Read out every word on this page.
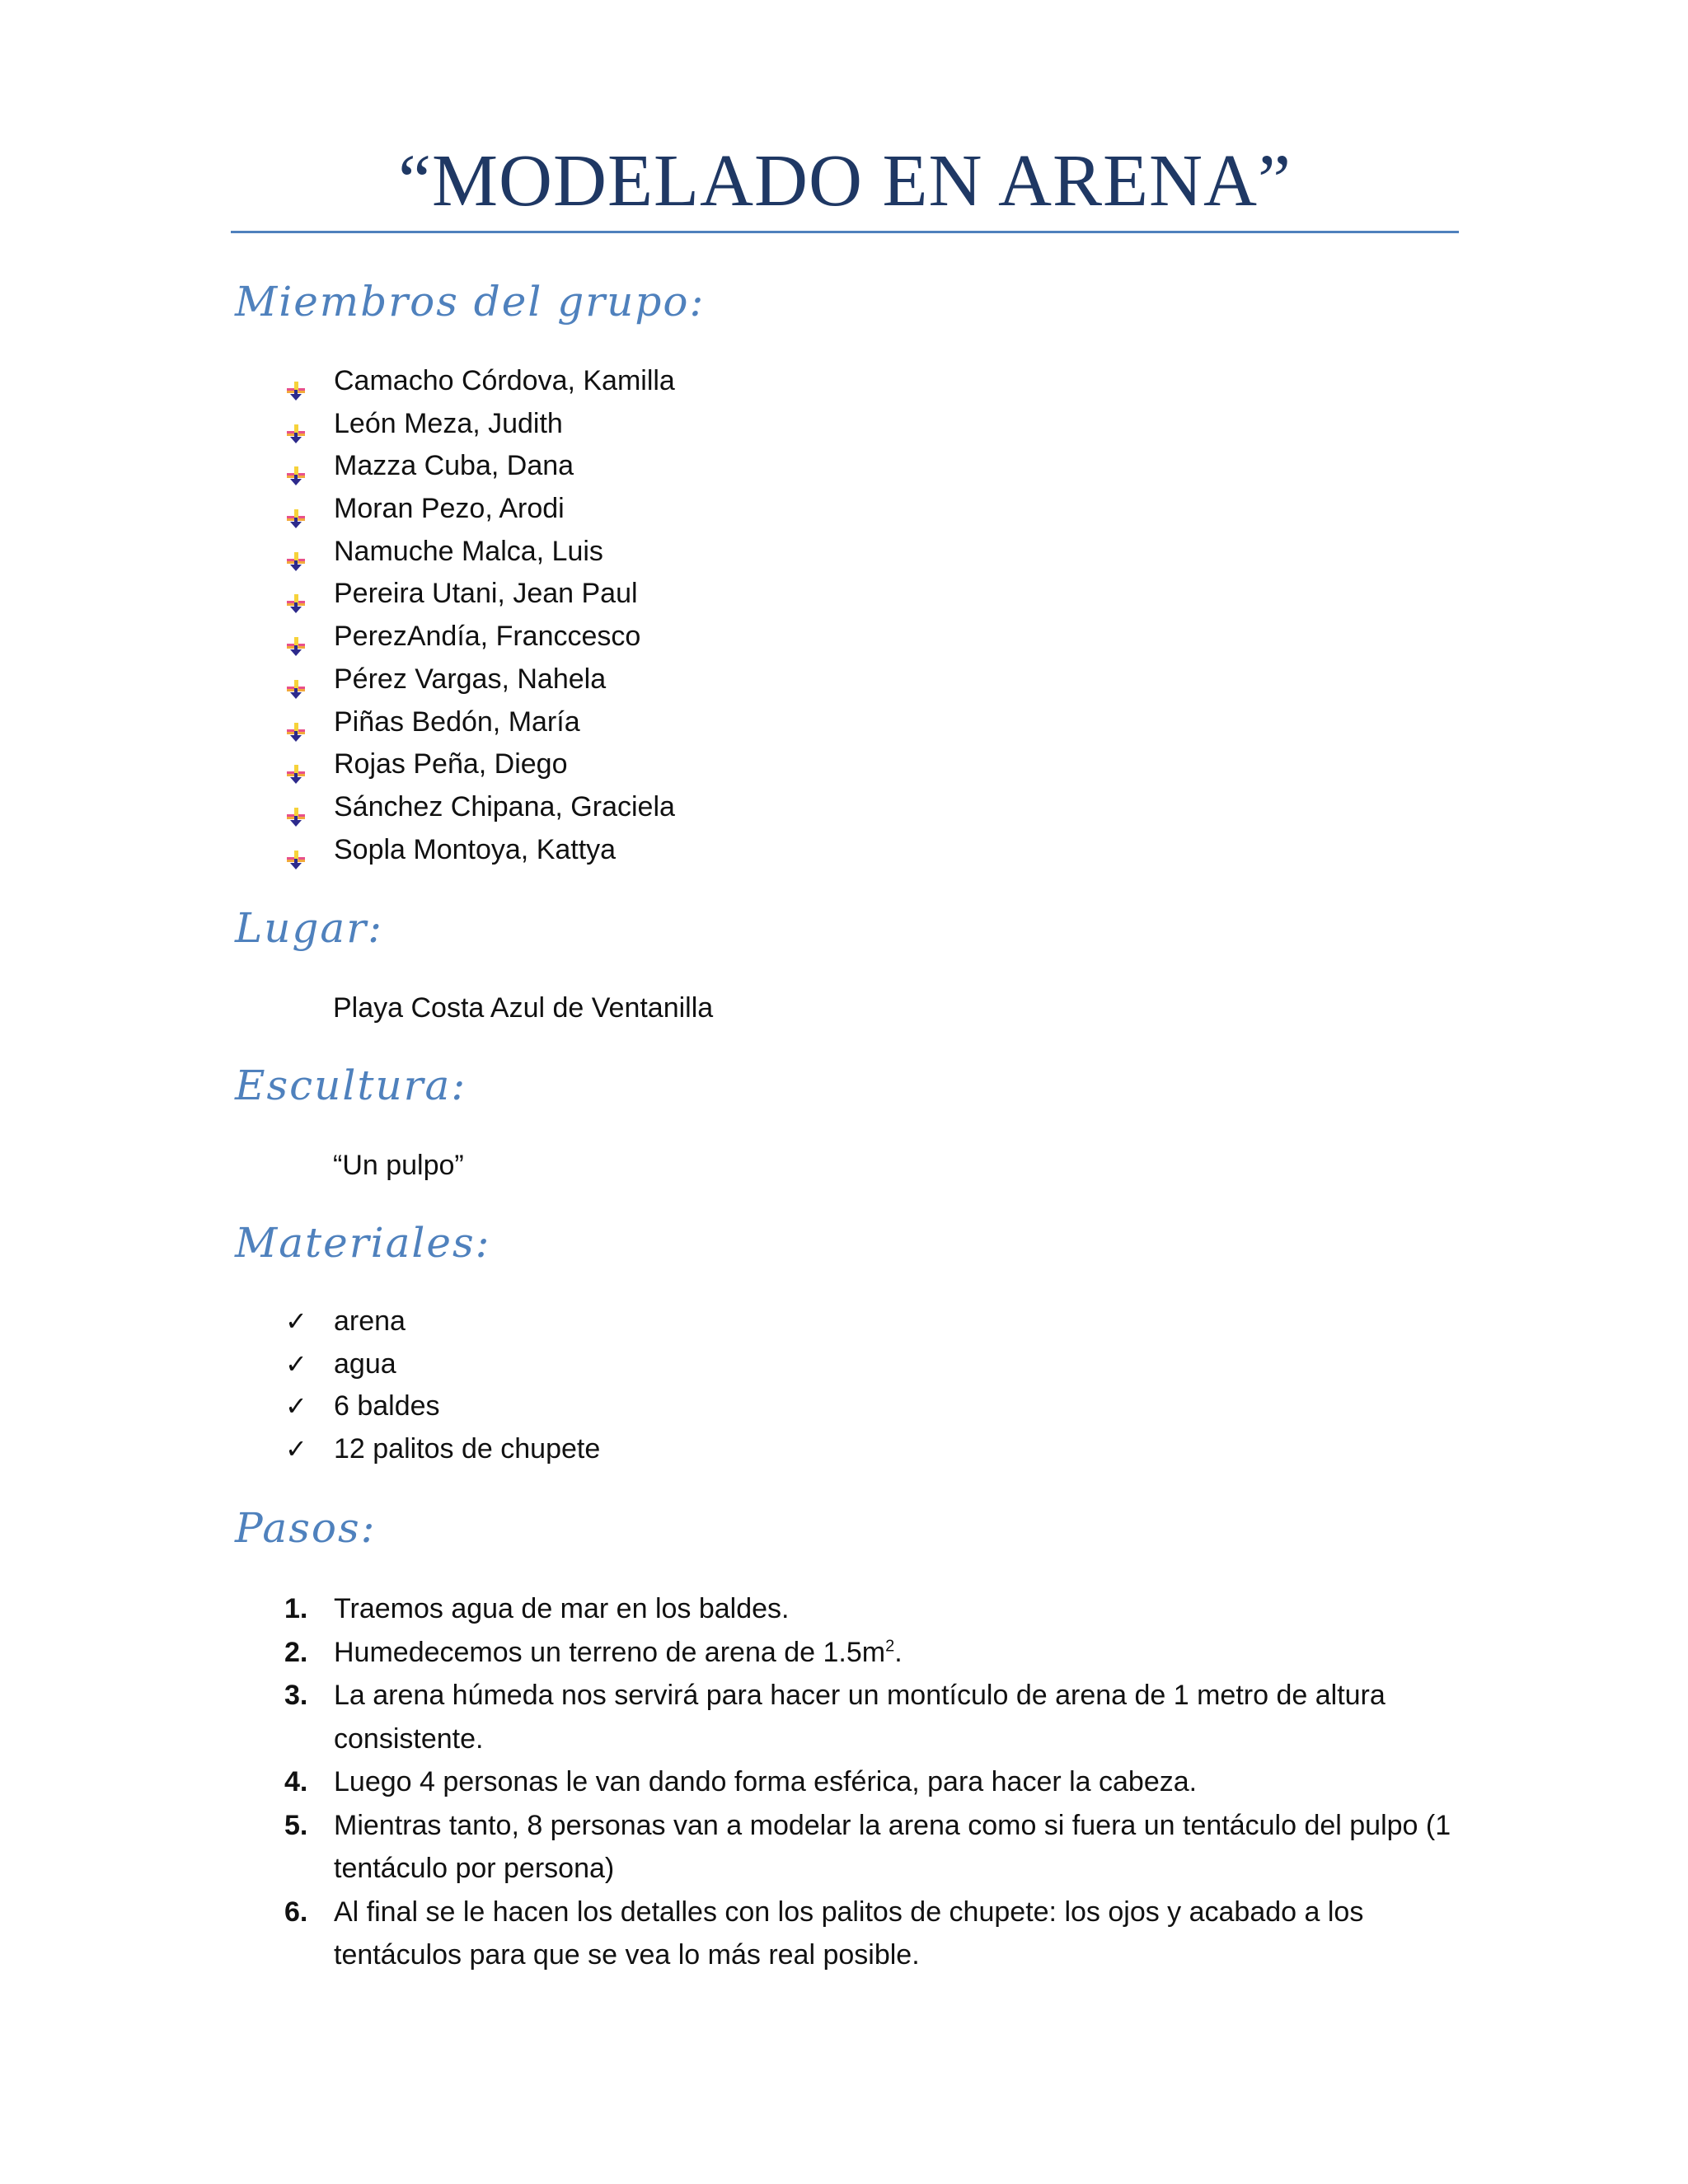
“MODELADO EN ARENA”
Miembros del grupo:
Camacho Córdova, Kamilla
León Meza, Judith
Mazza Cuba, Dana
Moran Pezo, Arodi
Namuche Malca, Luis
Pereira Utani, Jean Paul
PerezAndía, Franccesco
Pérez Vargas, Nahela
Piñas Bedón, María
Rojas Peña, Diego
Sánchez Chipana, Graciela
Sopla Montoya, Kattya
Lugar:

Playa Costa Azul de Ventanilla

Escultura:

“Un pulpo”

Materiales:
✓ arena
✓ agua
✓ 6 baldes
✓ 12 palitos de chupete
Pasos:
1. Traemos agua de mar en los baldes.
2. Humedecemos un terreno de arena de $1.5m^2$.
3. La arena húmeda nos servirá para hacer un montículo de arena de 1 metro de altura consistente.
4. Luego 4 personas le van dando forma esférica, para hacer la cabeza.
5. Mientras tanto, 8 personas van a modelar la arena como si fuera un tentáculo del pulpo (1 tentáculo por persona)
6. Al final se le hacen los detalles con los palitos de chupete: los ojos y acabado a los tentáculos para que se vea lo más real posible.
